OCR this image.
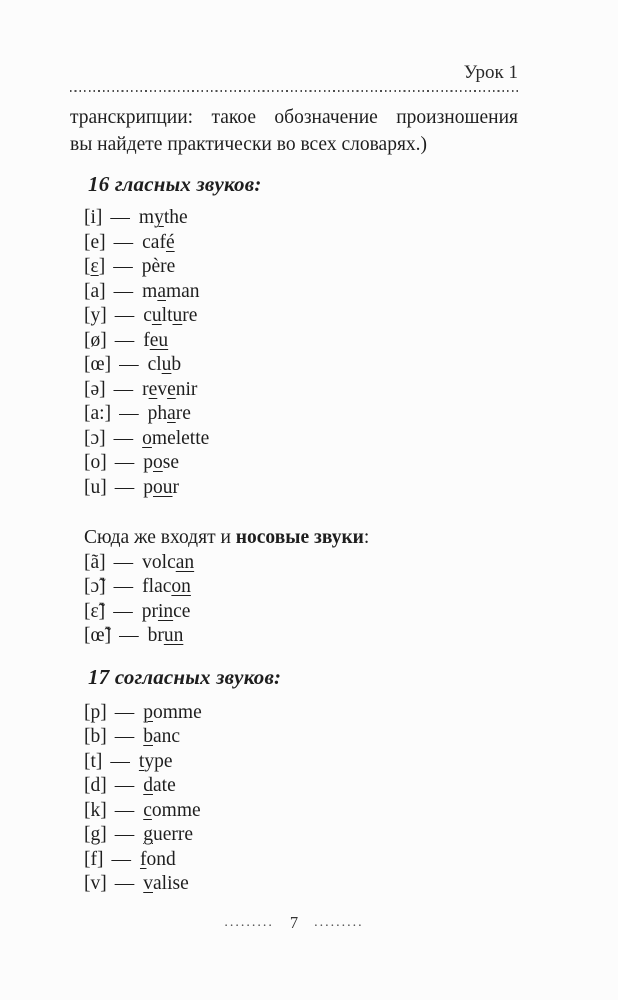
Урок 1
транскрипции: такое обозначение произношения
вы найдете практически во всех словарях.)
16 гласных звуков:
[i] — mythe
[e] — café
[ɛ] — père
[a] — maman
[y] — culture
[ø] — feu
[œ] — club
[ə] — revenir
[a:] — phare
[ɔ] — omelette
[o] — pose
[u] — pour
Сюда же входят и носовые звуки:
[ã] — volcan
[ɔ̃] — flacon
[ɛ̃] — prince
[œ̃] — brun
17 согласных звуков:
[p] — pomme
[b] — banc
[t] — type
[d] — date
[k] — comme
[g] — guerre
[f] — fond
[v] — valise
......... 7 .........
